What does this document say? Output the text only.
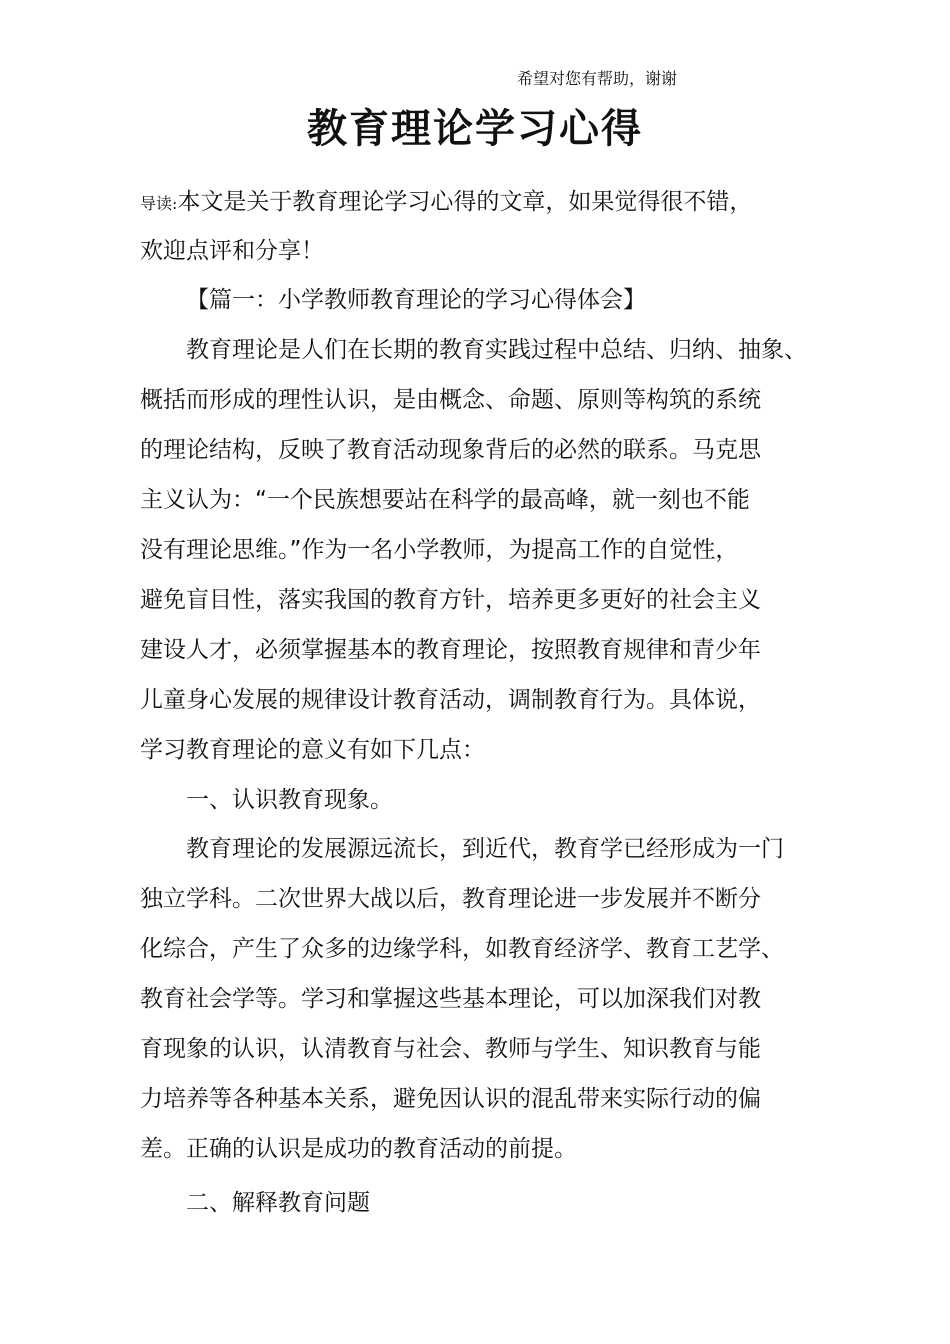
希望对您有帮助，谢谢
教育理论学习心得
导读:本文是关于教育理论学习心得的文章，如果觉得很不错，
欢迎点评和分享！
【篇一：小学教师教育理论的学习心得体会】
教育理论是人们在长期的教育实践过程中总结、归纳、抽象、
概括而形成的理性认识，是由概念、命题、原则等构筑的系统
的理论结构，反映了教育活动现象背后的必然的联系。马克思
主义认为：“一个民族想要站在科学的最高峰，就一刻也不能
没有理论思维。”作为一名小学教师，为提高工作的自觉性，
避免盲目性，落实我国的教育方针，培养更多更好的社会主义
建设人才，必须掌握基本的教育理论，按照教育规律和青少年
儿童身心发展的规律设计教育活动，调制教育行为。具体说，
学习教育理论的意义有如下几点：
一、认识教育现象。
教育理论的发展源远流长，到近代，教育学已经形成为一门
独立学科。二次世界大战以后，教育理论进一步发展并不断分
化综合，产生了众多的边缘学科，如教育经济学、教育工艺学、
教育社会学等。学习和掌握这些基本理论，可以加深我们对教
育现象的认识，认清教育与社会、教师与学生、知识教育与能
力培养等各种基本关系，避免因认识的混乱带来实际行动的偏
差。正确的认识是成功的教育活动的前提。
二、解释教育问题
